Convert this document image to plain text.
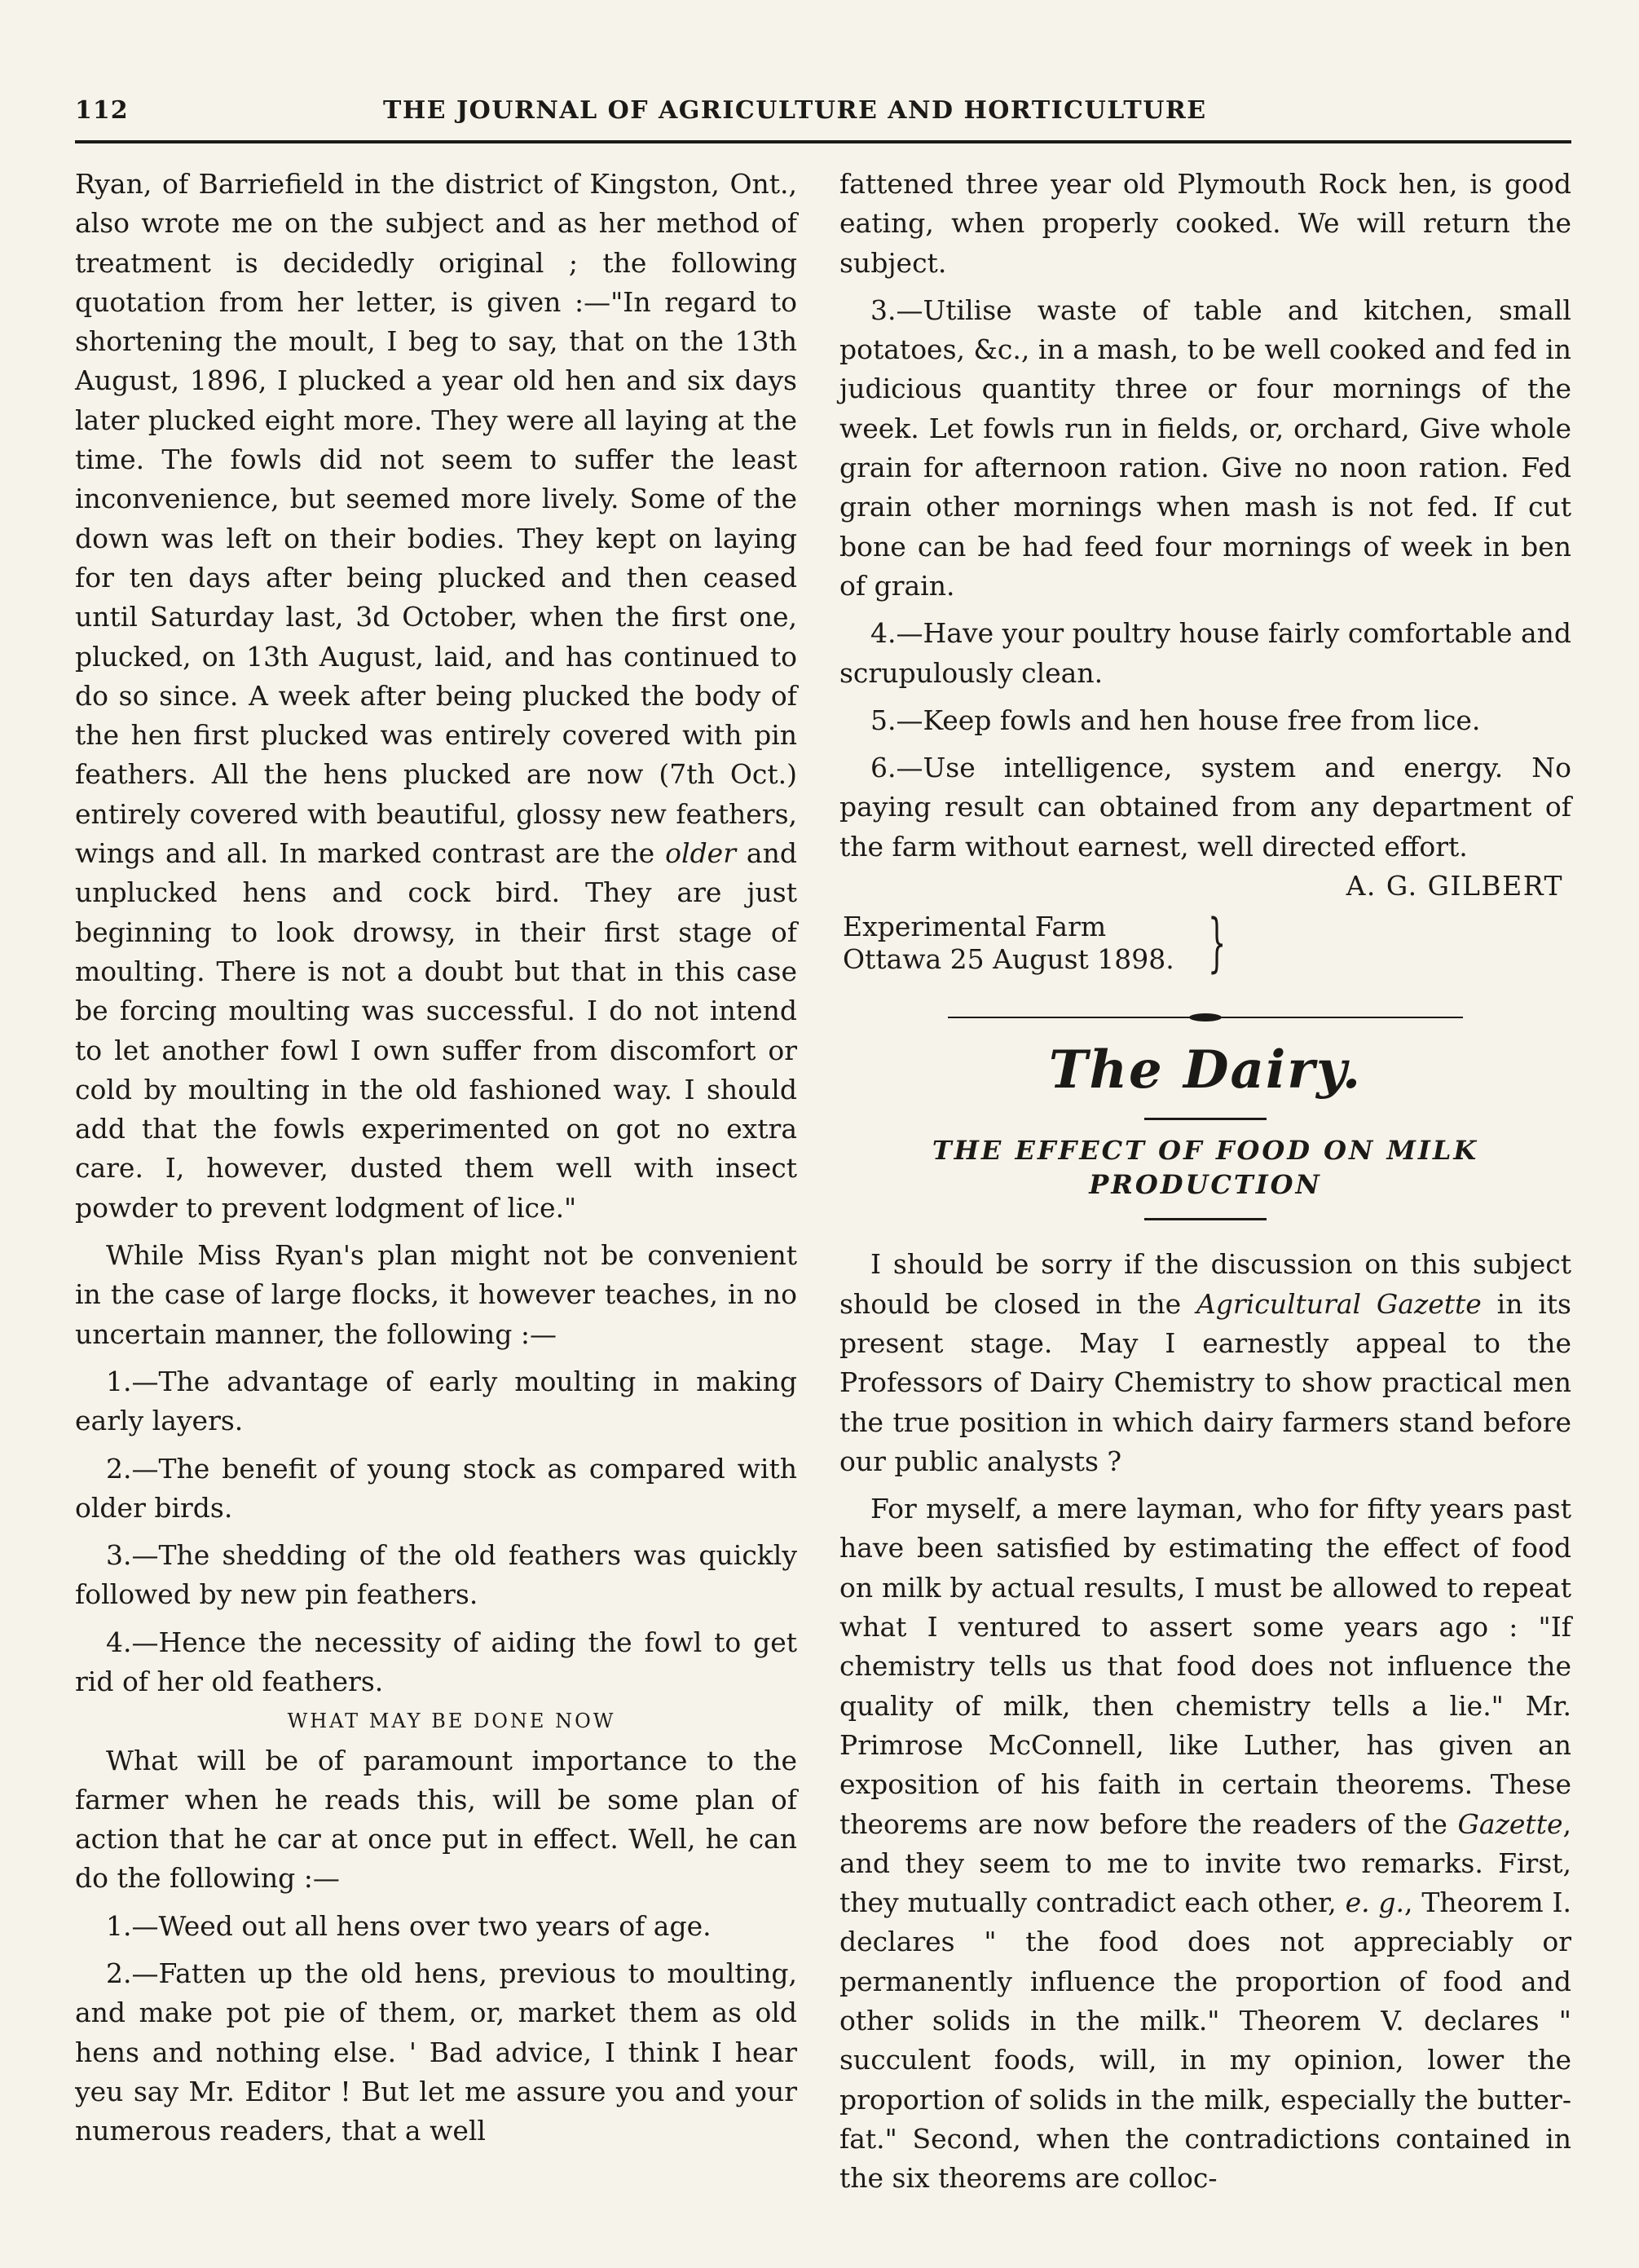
112	THE JOURNAL OF AGRICULTURE AND HORTICULTURE

Ryan, of Barriefield in the district of Kingston, Ont., also wrote me on the subject and as her method of treatment is decidedly original ; the following quotation from her letter, is given :—"In regard to shortening the moult, I beg to say, that on the 13th August, 1896, I plucked a year old hen and six days later plucked eight more. They were all laying at the time. The fowls did not seem to suffer the least inconvenience, but seemed more lively. Some of the down was left on their bodies. They kept on laying for ten days after being plucked and then ceased until Saturday last, 3d October, when the first one, plucked, on 13th August, laid, and has continued to do so since. A week after being plucked the body of the hen first plucked was entirely covered with pin feathers. All the hens plucked are now (7th Oct.) entirely covered with beautiful, glossy new feathers, wings and all. In marked contrast are the older and unplucked hens and cock bird. They are just beginning to look drowsy, in their first stage of moulting. There is not a doubt but that in this case be forcing moulting was successful. I do not intend to let another fowl I own suffer from discomfort or cold by moulting in the old fashioned way. I should add that the fowls experimented on got no extra care. I, however, dusted them well with insect powder to prevent lodgment of lice."

While Miss Ryan's plan might not be convenient in the case of large flocks, it however teaches, in no uncertain manner, the following :—

1.—The advantage of early moulting in making early layers.

2.—The benefit of young stock as compared with older birds.

3.—The shedding of the old feathers was quickly followed by new pin feathers.

4.—Hence the necessity of aiding the fowl to get rid of her old feathers.

WHAT MAY BE DONE NOW

What will be of paramount importance to the farmer when he reads this, will be some plan of action that he car at once put in effect. Well, he can do the following :—

1.—Weed out all hens over two years of age.

2.—Fatten up the old hens, previous to moulting, and make pot pie of them, or, market them as old hens and nothing else. ' Bad advice, I think I hear yeu say Mr. Editor ! But let me assure you and your numerous readers, that a well

fattened three year old Plymouth Rock hen, is good eating, when properly cooked. We will return the subject.

3.—Utilise waste of table and kitchen, small potatoes, &c., in a mash, to be well cooked and fed in judicious quantity three or four mornings of the week. Let fowls run in fields, or, orchard, Give whole grain for afternoon ration. Give no noon ration. Fed grain other mornings when mash is not fed. If cut bone can be had feed four mornings of week in ben of grain.

4.—Have your poultry house fairly comfortable and scrupulously clean.

5.—Keep fowls and hen house free from lice.

6.—Use intelligence, system and energy. No paying result can obtained from any department of the farm without earnest, well directed effort.

A. G. GILBERT

Experimental Farm
Ottawa 25 August 1898. }
The Dairy.
THE EFFECT OF FOOD ON MILK
PRODUCTION

I should be sorry if the discussion on this subject should be closed in the Agricultural Gazette in its present stage. May I earnestly appeal to the Professors of Dairy Chemistry to show practical men the true position in which dairy farmers stand before our public analysts ?

For myself, a mere layman, who for fifty years past have been satisfied by estimating the effect of food on milk by actual results, I must be allowed to repeat what I ventured to assert some years ago : "If chemistry tells us that food does not influence the quality of milk, then chemistry tells a lie." Mr. Primrose McConnell, like Luther, has given an exposition of his faith in certain theorems. These theorems are now before the readers of the Gazette, and they seem to me to invite two remarks. First, they mutually contradict each other, e. g., Theorem I. declares " the food does not appreciably or permanently influence the proportion of food and other solids in the milk." Theorem V. declares " succulent foods, will, in my opinion, lower the proportion of solids in the milk, especially the butter-fat." Second, when the contradictions contained in the six theorems are colloc-
